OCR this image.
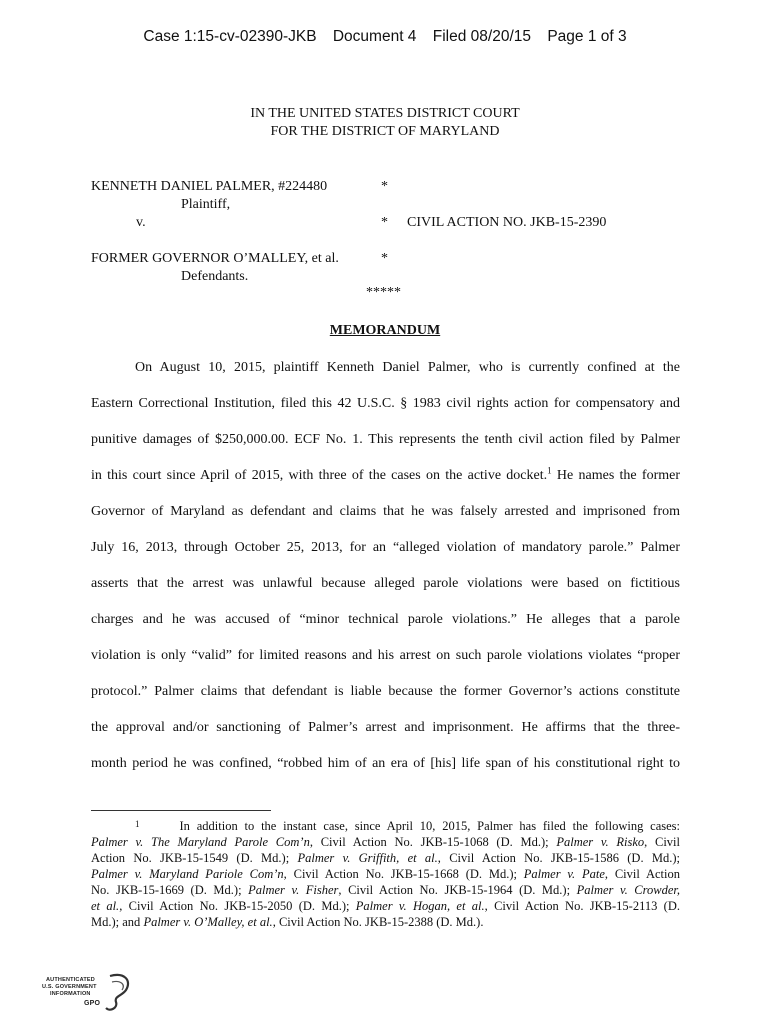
Case 1:15-cv-02390-JKB Document 4 Filed 08/20/15 Page 1 of 3
IN THE UNITED STATES DISTRICT COURT
FOR THE DISTRICT OF MARYLAND
KENNETH DANIEL PALMER, #224480	*
Plaintiff,
v.	* CIVIL ACTION NO. JKB-15-2390
FORMER GOVERNOR O’MALLEY, et al.	*
Defendants.
*****
MEMORANDUM
On August 10, 2015, plaintiff Kenneth Daniel Palmer, who is currently confined at the
Eastern Correctional Institution, filed this 42 U.S.C. § 1983 civil rights action for compensatory and
punitive damages of $250,000.00. ECF No. 1. This represents the tenth civil action filed by Palmer
in this court since April of 2015, with three of the cases on the active docket.$^1$ He names the former
Governor of Maryland as defendant and claims that he was falsely arrested and imprisoned from
July 16, 2013, through October 25, 2013, for an “alleged violation of mandatory parole.” Palmer
asserts that the arrest was unlawful because alleged parole violations were based on fictitious
charges and he was accused of “minor technical parole violations.” He alleges that a parole
violation is only “valid” for limited reasons and his arrest on such parole violations violates “proper
protocol.” Palmer claims that defendant is liable because the former Governor’s actions constitute
the approval and/or sanctioning of Palmer’s arrest and imprisonment. He affirms that the three-
month period he was confined, “robbed him of an era of [his] life span of his constitutional right to
1	In addition to the instant case, since April 10, 2015, Palmer has filed the following cases:
Palmer v. The Maryland Parole Com’n, Civil Action No. JKB-15-1068 (D. Md.); Palmer v. Risko, Civil
Action No. JKB-15-1549 (D. Md.); Palmer v. Griffith, et al., Civil Action No. JKB-15-1586 (D. Md.);
Palmer v. Maryland Pariole Com’n, Civil Action No. JKB-15-1668 (D. Md.); Palmer v. Pate, Civil Action
No. JKB-15-1669 (D. Md.); Palmer v. Fisher, Civil Action No. JKB-15-1964 (D. Md.); Palmer v. Crowder,
et al., Civil Action No. JKB-15-2050 (D. Md.); Palmer v. Hogan, et al., Civil Action No. JKB-15-2113 (D.
Md.); and Palmer v. O’Malley, et al., Civil Action No. JKB-15-2388 (D. Md.).
AUTHENTICATED
U.S. GOVERNMENT
INFORMATION
GPO
